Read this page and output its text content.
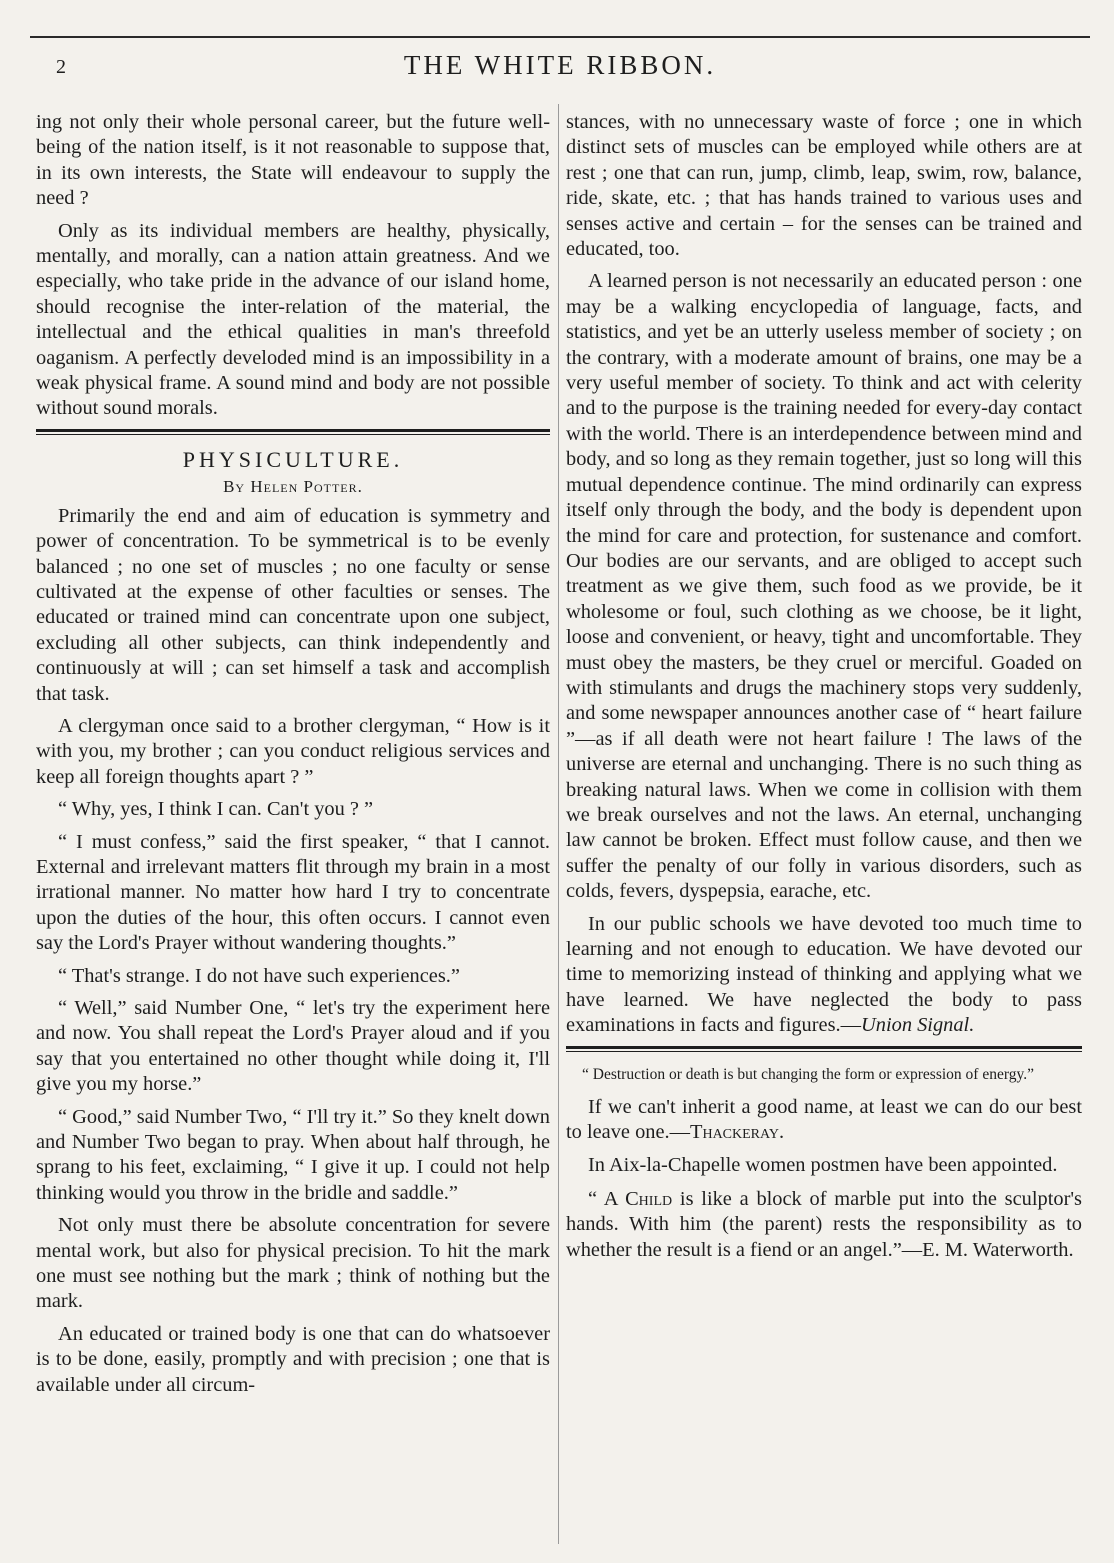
2	THE WHITE RIBBON.

ing not only their whole personal career, but the future well-being of the nation itself, is it not reasonable to suppose that, in its own interests, the State will endeavour to supply the need ?

Only as its individual members are healthy, physically, mentally, and morally, can a nation attain greatness. And we especially, who take pride in the advance of our island home, should recognise the inter-relation of the material, the intellectual and the ethical qualities in man's threefold oaganism. A perfectly develoded mind is an impossibility in a weak physical frame. A sound mind and body are not possible without sound morals.

PHYSICULTURE.
By Helen Potter.

Primarily the end and aim of education is symmetry and power of concentration. To be symmetrical is to be evenly balanced ; no one set of muscles ; no one faculty or sense cultivated at the expense of other faculties or senses. The educated or trained mind can concentrate upon one subject, excluding all other subjects, can think independently and continuously at will ; can set himself a task and accomplish that task.

A clergyman once said to a brother clergyman, “ How is it with you, my brother ; can you conduct religious services and keep all foreign thoughts apart ? ”

“ Why, yes, I think I can. Can't you ? ”

“ I must confess,” said the first speaker, “ that I cannot. External and irrelevant matters flit through my brain in a most irrational manner. No matter how hard I try to concentrate upon the duties of the hour, this often occurs. I cannot even say the Lord's Prayer without wandering thoughts.”

“ That's strange. I do not have such experiences.”

“ Well,” said Number One, “ let's try the experiment here and now. You shall repeat the Lord's Prayer aloud and if you say that you entertained no other thought while doing it, I'll give you my horse.”

“ Good,” said Number Two, “ I'll try it.” So they knelt down and Number Two began to pray. When about half through, he sprang to his feet, exclaiming, “ I give it up. I could not help thinking would you throw in the bridle and saddle.”

Not only must there be absolute concentration for severe mental work, but also for physical precision. To hit the mark one must see nothing but the mark ; think of nothing but the mark.

An educated or trained body is one that can do whatsoever is to be done, easily, promptly and with precision ; one that is available under all circum-

stances, with no unnecessary waste of force ; one in which distinct sets of muscles can be employed while others are at rest ; one that can run, jump, climb, leap, swim, row, balance, ride, skate, etc. ; that has hands trained to various uses and senses active and certain – for the senses can be trained and educated, too.

A learned person is not necessarily an educated person : one may be a walking encyclopedia of language, facts, and statistics, and yet be an utterly useless member of society ; on the contrary, with a moderate amount of brains, one may be a very useful member of society. To think and act with celerity and to the purpose is the training needed for every-day contact with the world. There is an interdependence between mind and body, and so long as they remain together, just so long will this mutual dependence continue. The mind ordinarily can express itself only through the body, and the body is dependent upon the mind for care and protection, for sustenance and comfort. Our bodies are our servants, and are obliged to accept such treatment as we give them, such food as we provide, be it wholesome or foul, such clothing as we choose, be it light, loose and convenient, or heavy, tight and uncomfortable. They must obey the masters, be they cruel or merciful. Goaded on with stimulants and drugs the machinery stops very suddenly, and some newspaper announces another case of “ heart failure ”—as if all death were not heart failure ! The laws of the universe are eternal and unchanging. There is no such thing as breaking natural laws. When we come in collision with them we break ourselves and not the laws. An eternal, unchanging law cannot be broken. Effect must follow cause, and then we suffer the penalty of our folly in various disorders, such as colds, fevers, dyspepsia, earache, etc.

In our public schools we have devoted too much time to learning and not enough to education. We have devoted our time to memorizing instead of thinking and applying what we have learned. We have neglected the body to pass examinations in facts and figures.—Union Signal.

“ Destruction or death is but changing the form or expression of energy.”

If we can't inherit a good name, at least we can do our best to leave one.—Thackeray.

In Aix-la-Chapelle women postmen have been appointed.

“ A Child is like a block of marble put into the sculptor's hands. With him (the parent) rests the responsibility as to whether the result is a fiend or an angel.”—E. M. Waterworth.
